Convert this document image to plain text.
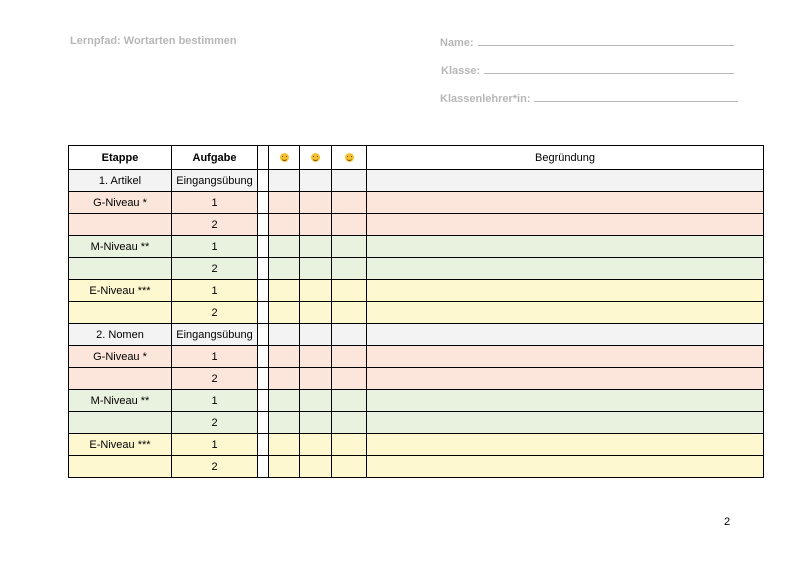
Lernpfad: Wortarten bestimmen	Name:
Klasse:
Klassenlehrer*in:
Etappe	Aufgabe					Begründung
1. Artikel	Eingangsübung					
G-Niveau *	1					
	2					
M-Niveau **	1					
	2					
E-Niveau ***	1					
	2					
2. Nomen	Eingangsübung					
G-Niveau *	1					
	2					
M-Niveau **	1					
	2					
E-Niveau ***	1					
	2					
2
